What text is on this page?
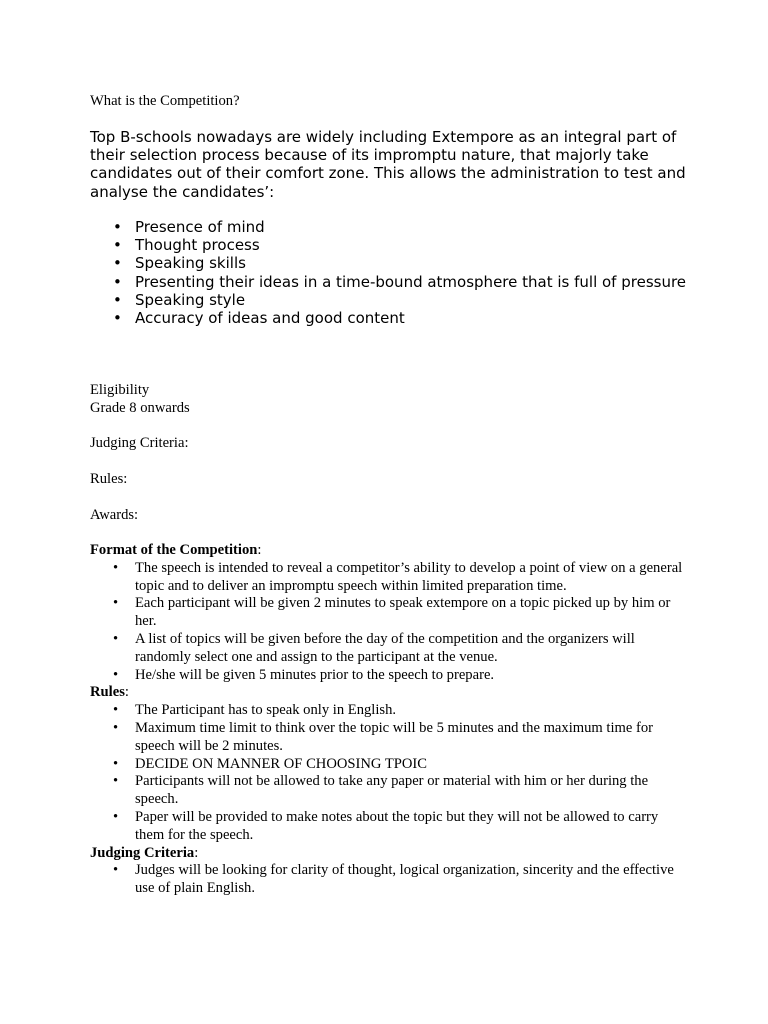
What is the Competition?

Top B-schools nowadays are widely including Extempore as an integral part of their selection process because of its impromptu nature, that majorly take candidates out of their comfort zone. This allows the administration to test and analyse the candidates’:

• Presence of mind
• Thought process
• Speaking skills
• Presenting their ideas in a time-bound atmosphere that is full of pressure
• Speaking style
• Accuracy of ideas and good content

Eligibility

Grade 8 onwards

Judging Criteria:

Rules:

Awards:

Format of the Competition:

• The speech is intended to reveal a competitor’s ability to develop a point of view on a general topic and to deliver an impromptu speech within limited preparation time.
• Each participant will be given 2 minutes to speak extempore on a topic picked up by him or her.
• A list of topics will be given before the day of the competition and the organizers will randomly select one and assign to the participant at the venue.
• He/she will be given 5 minutes prior to the speech to prepare.

Rules:

• The Participant has to speak only in English.
• Maximum time limit to think over the topic will be 5 minutes and the maximum time for speech will be 2 minutes.
• DECIDE ON MANNER OF CHOOSING TPOIC
• Participants will not be allowed to take any paper or material with him or her during the speech.
• Paper will be provided to make notes about the topic but they will not be allowed to carry them for the speech.

Judging Criteria:

• Judges will be looking for clarity of thought, logical organization, sincerity and the effective use of plain English.
